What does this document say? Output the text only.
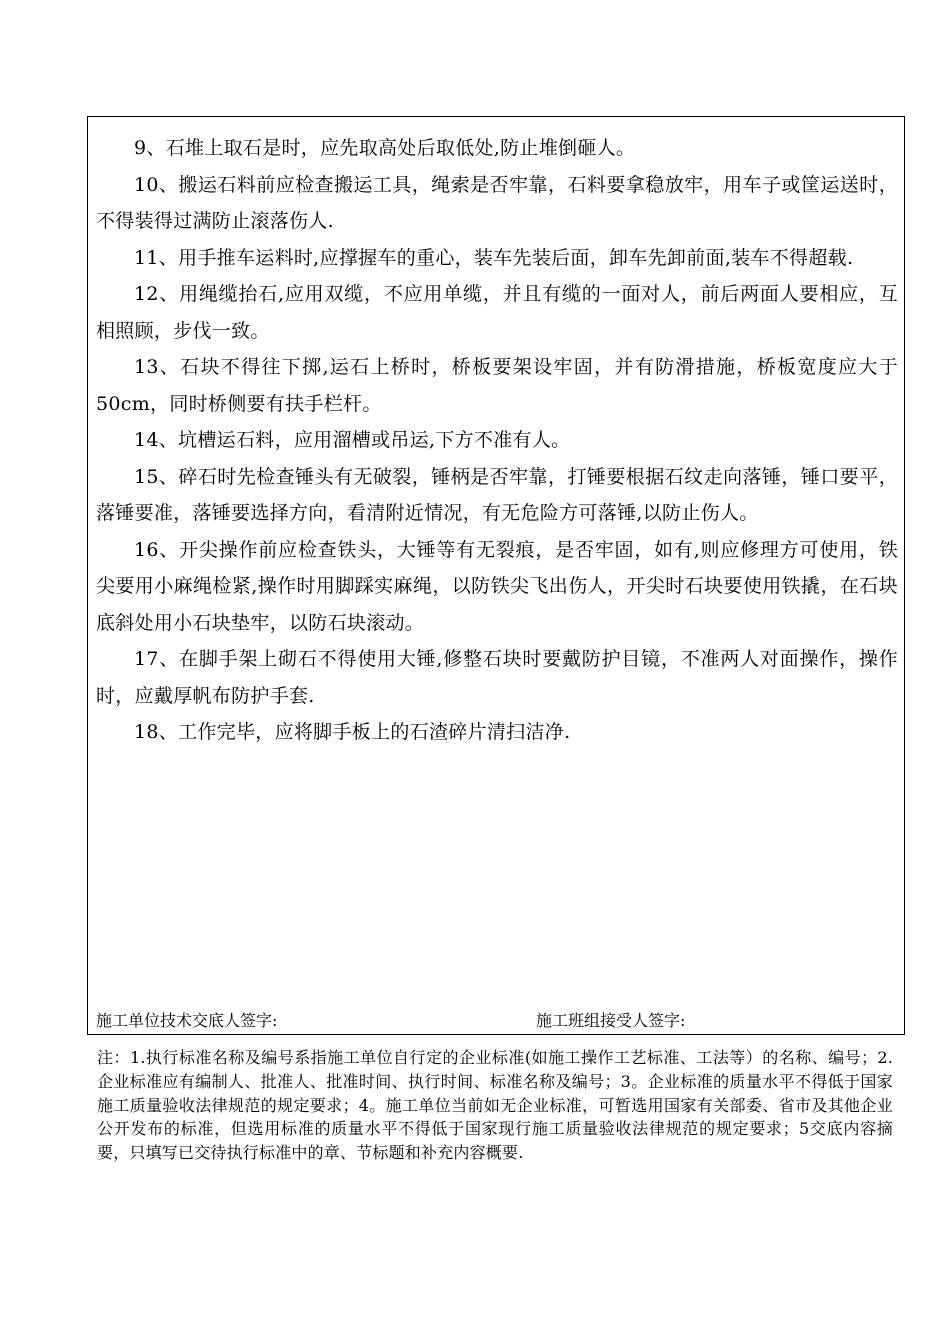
9、石堆上取石是时，应先取高处后取低处,防止堆倒砸人。

10、搬运石料前应检查搬运工具，绳索是否牢靠，石料要拿稳放牢，用车子或筐运送时，不得装得过满防止滚落伤人.

11、用手推车运料时,应撑握车的重心，装车先装后面，卸车先卸前面,装车不得超载.

12、用绳缆抬石,应用双缆，不应用单缆，并且有缆的一面对人，前后两面人要相应，互相照顾，步伐一致。

13、石块不得往下掷,运石上桥时，桥板要架设牢固，并有防滑措施，桥板宽度应大于50cm，同时桥侧要有扶手栏杆。

14、坑槽运石料，应用溜槽或吊运,下方不准有人。

15、碎石时先检查锤头有无破裂，锤柄是否牢靠，打锤要根据石纹走向落锤，锤口要平，落锤要准，落锤要选择方向，看清附近情况，有无危险方可落锤,以防止伤人。

16、开尖操作前应检查铁头，大锤等有无裂痕，是否牢固，如有,则应修理方可使用，铁尖要用小麻绳检紧,操作时用脚踩实麻绳，以防铁尖飞出伤人，开尖时石块要使用铁撬，在石块底斜处用小石块垫牢，以防石块滚动。

17、在脚手架上砌石不得使用大锤,修整石块时要戴防护目镜，不准两人对面操作，操作时，应戴厚帆布防护手套.

18、工作完毕，应将脚手板上的石渣碎片清扫洁净.

施工单位技术交底人签字:	施工班组接受人签字:
注：1.执行标准名称及编号系指施工单位自行定的企业标准(如施工操作工艺标准、工法等）的名称、编号；2.企业标准应有编制人、批准人、批准时间、执行时间、标准名称及编号；3。企业标准的质量水平不得低于国家施工质量验收法律规范的规定要求；4。施工单位当前如无企业标准，可暂选用国家有关部委、省市及其他企业公开发布的标准，但选用标准的质量水平不得低于国家现行施工质量验收法律规范的规定要求；5交底内容摘要，只填写已交待执行标准中的章、节标题和补充内容概要.
